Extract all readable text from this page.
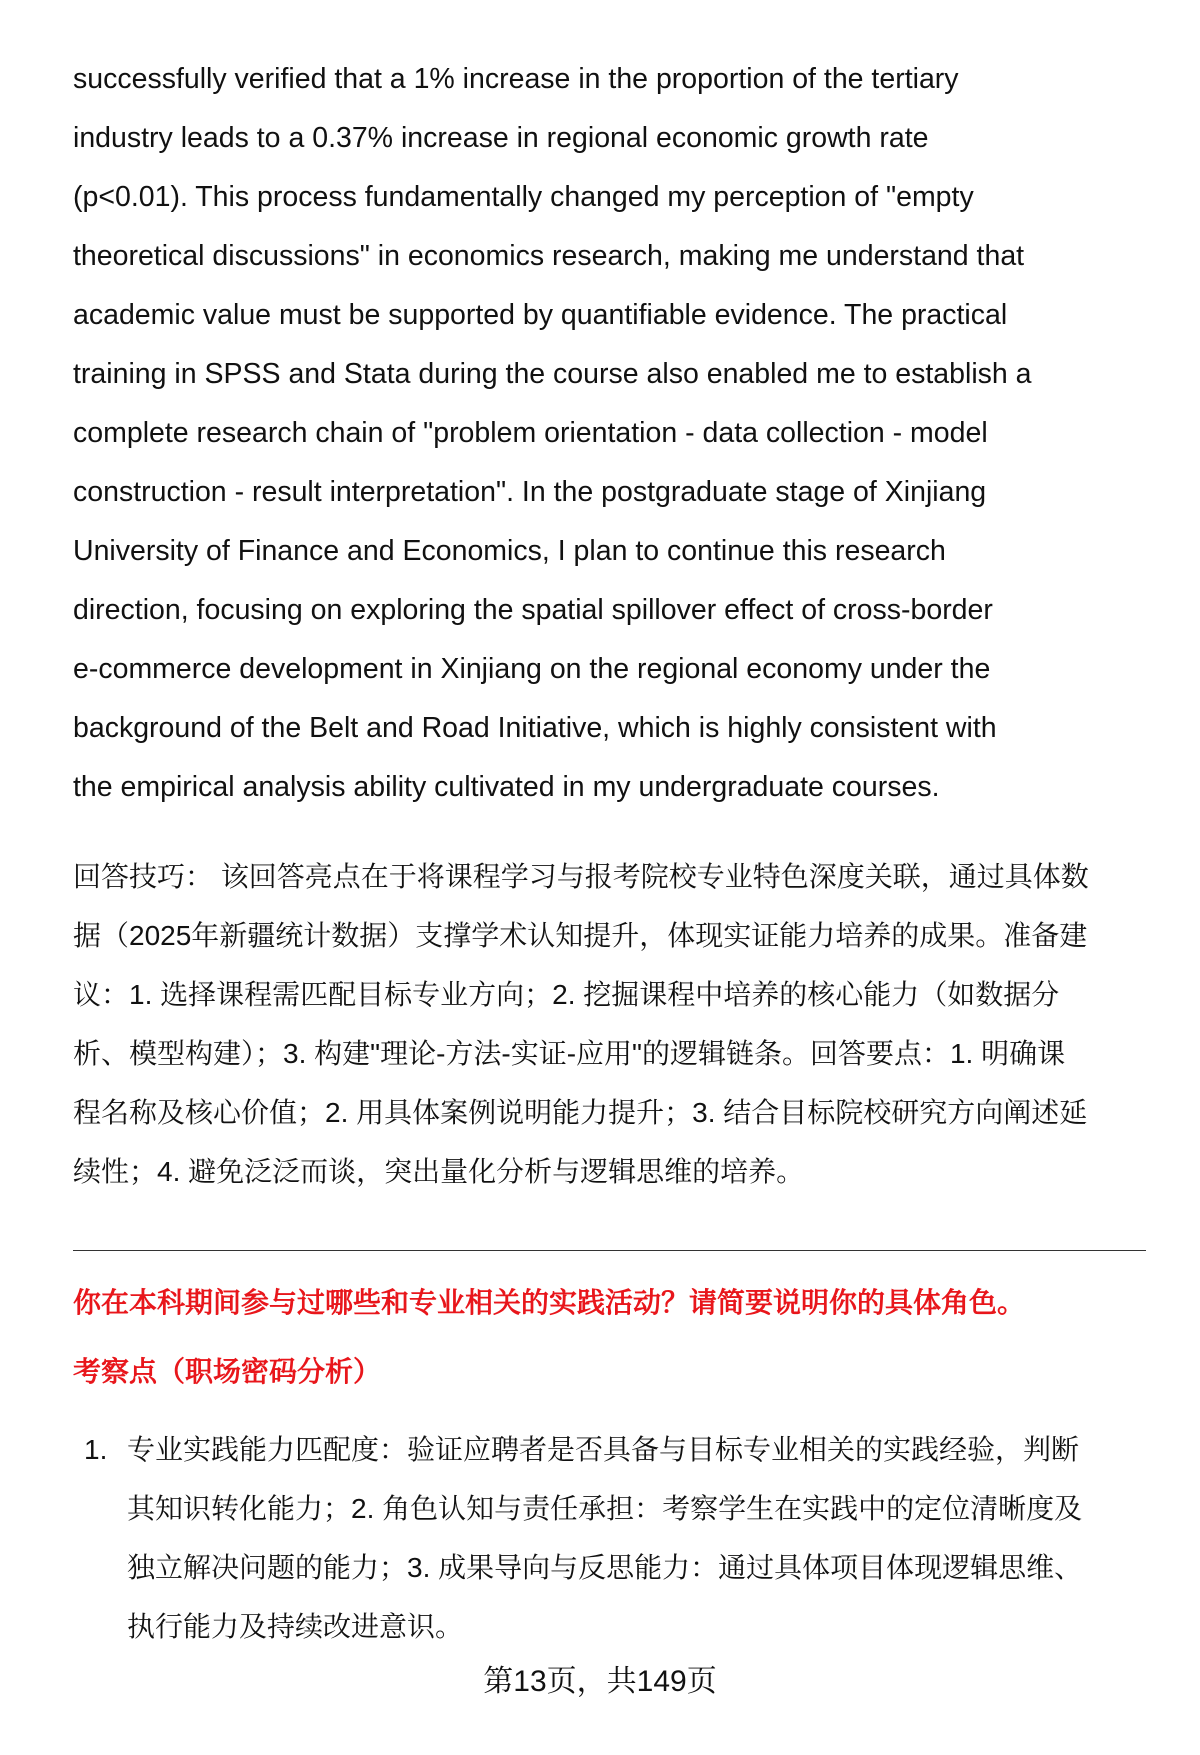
successfully verified that a 1% increase in the proportion of the tertiary
industry leads to a 0.37% increase in regional economic growth rate
(p<0.01). This process fundamentally changed my perception of "empty
theoretical discussions" in economics research, making me understand that
academic value must be supported by quantifiable evidence. The practical
training in SPSS and Stata during the course also enabled me to establish a
complete research chain of "problem orientation - data collection - model
construction - result interpretation". In the postgraduate stage of Xinjiang
University of Finance and Economics, I plan to continue this research
direction, focusing on exploring the spatial spillover effect of cross-border
e-commerce development in Xinjiang on the regional economy under the
background of the Belt and Road Initiative, which is highly consistent with
the empirical analysis ability cultivated in my undergraduate courses.
回答技巧： 该回答亮点在于将课程学习与报考院校专业特色深度关联，通过具体数
据（2025年新疆统计数据）支撑学术认知提升，体现实证能力培养的成果。准备建
议：1. 选择课程需匹配目标专业方向；2. 挖掘课程中培养的核心能力（如数据分
析、模型构建）；3. 构建"理论-方法-实证-应用"的逻辑链条。回答要点：1. 明确课
程名称及核心价值；2. 用具体案例说明能力提升；3. 结合目标院校研究方向阐述延
续性；4. 避免泛泛而谈，突出量化分析与逻辑思维的培养。
你在本科期间参与过哪些和专业相关的实践活动？请简要说明你的具体角色。
考察点（职场密码分析）
1. 专业实践能力匹配度：验证应聘者是否具备与目标专业相关的实践经验，判断
其知识转化能力；2. 角色认知与责任承担：考察学生在实践中的定位清晰度及
独立解决问题的能力；3. 成果导向与反思能力：通过具体项目体现逻辑思维、
执行能力及持续改进意识。
第13页，共149页
